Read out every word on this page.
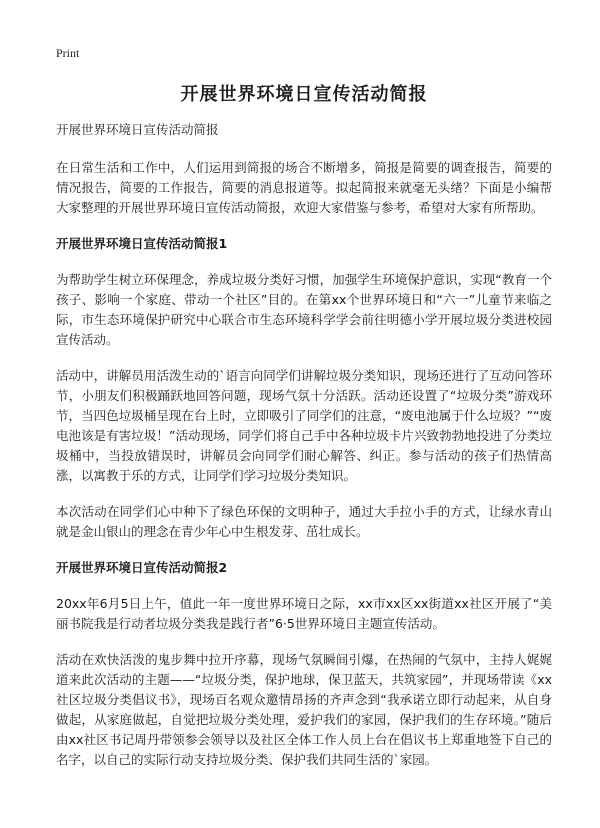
Print
开展世界环境日宣传活动简报
开展世界环境日宣传活动简报

在日常生活和工作中，人们运用到简报的场合不断增多，简报是简要的调查报告，简要的情况报告，简要的工作报告，简要的消息报道等。拟起简报来就毫无头绪？下面是小编帮大家整理的开展世界环境日宣传活动简报，欢迎大家借鉴与参考，希望对大家有所帮助。

开展世界环境日宣传活动简报1

为帮助学生树立环保理念，养成垃圾分类好习惯，加强学生环境保护意识，实现“教育一个孩子、影响一个家庭、带动一个社区”目的。在第xx个世界环境日和“六一”儿童节来临之际，市生态环境保护研究中心联合市生态环境科学学会前往明德小学开展垃圾分类进校园宣传活动。

活动中，讲解员用活泼生动的`语言向同学们讲解垃圾分类知识，现场还进行了互动问答环节，小朋友们积极踊跃地回答问题，现场气氛十分活跃。活动还设置了“垃圾分类”游戏环节，当四色垃圾桶呈现在台上时，立即吸引了同学们的注意，“废电池属于什么垃圾？”“废电池该是有害垃圾！”活动现场，同学们将自己手中各种垃圾卡片兴致勃勃地投进了分类垃圾桶中，当投放错误时，讲解员会向同学们耐心解答、纠正。参与活动的孩子们热情高涨，以寓教于乐的方式，让同学们学习垃圾分类知识。

本次活动在同学们心中种下了绿色环保的文明种子，通过大手拉小手的方式，让绿水青山就是金山银山的理念在青少年心中生根发芽、茁壮成长。

开展世界环境日宣传活动简报2

20xx年6月5日上午，值此一年一度世界环境日之际，xx市xx区xx街道xx社区开展了“美丽书院我是行动者垃圾分类我是践行者”6·5世界环境日主题宣传活动。

活动在欢快活泼的鬼步舞中拉开序幕，现场气氛瞬间引爆，在热闹的气氛中，主持人娓娓道来此次活动的主题——“垃圾分类，保护地球，保卫蓝天，共筑家园”，并现场带读《xx社区垃圾分类倡议书》，现场百名观众邀情昂扬的齐声念到“我承诺立即行动起来，从自身做起，从家庭做起，自觉把垃圾分类处理，爱护我们的家园，保护我们的生存环境。”随后由xx社区书记周丹带领参会领导以及社区全体工作人员上台在倡议书上郑重地签下自己的名字，以自己的实际行动支持垃圾分类、保护我们共同生活的`家园。
